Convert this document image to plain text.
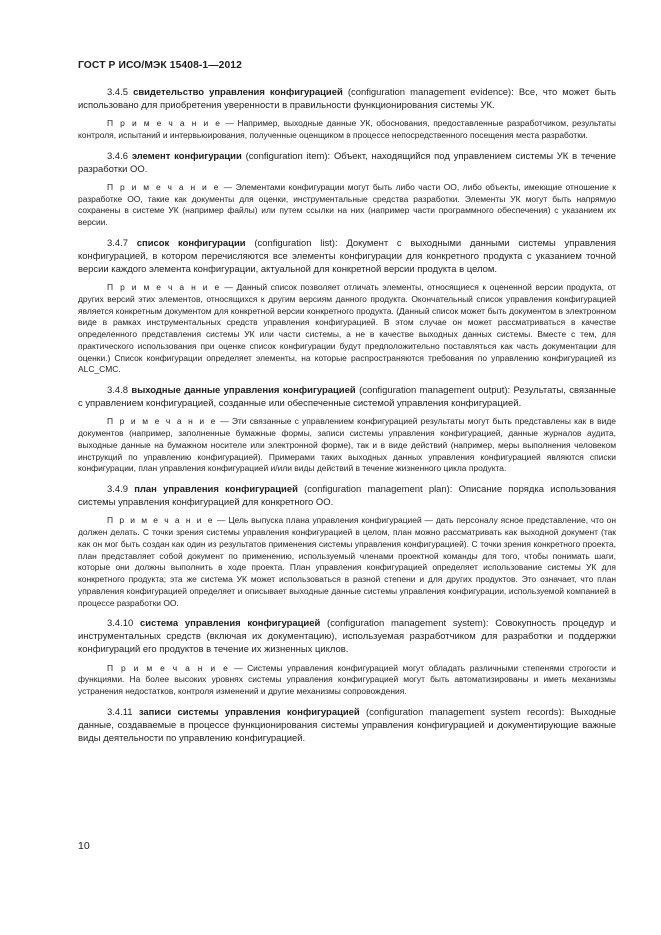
ГОСТ Р ИСО/МЭК 15408-1—2012

3.4.5 свидетельство управления конфигурацией (configuration management evidence): Все, что может быть использовано для приобретения уверенности в правильности функционирования системы УК.

П р и м е ч а н и е — Например, выходные данные УК, обоснования, предоставленные разработчиком, результаты контроля, испытаний и интервьюирования, полученные оценщиком в процессе непосредственного посещения места разработки.

3.4.6 элемент конфигурации (configuration item): Объект, находящийся под управлением системы УК в течение разработки ОО.

П р и м е ч а н и е — Элементами конфигурации могут быть либо части ОО, либо объекты, имеющие отношение к разработке ОО, такие как документы для оценки, инструментальные средства разработки. Элементы УК могут быть напрямую сохранены в системе УК (например файлы) или путем ссылки на них (например части программного обеспечения) с указанием их версии.

3.4.7 список конфигурации (configuration list): Документ с выходными данными системы управления конфигурацией, в котором перечисляются все элементы конфигурации для конкретного продукта с указанием точной версии каждого элемента конфигурации, актуальной для конкретной версии продукта в целом.

П р и м е ч а н и е — Данный список позволяет отличать элементы, относящиеся к оцененной версии продукта, от других версий этих элементов, относящихся к другим версиям данного продукта. Окончательный список управления конфигурацией является конкретным документом для конкретной версии конкретного продукта. (Данный список может быть документом в электронном виде в рамках инструментальных средств управления конфигурацией. В этом случае он может рассматриваться в качестве определенного представления системы УК или части системы, а не в качестве выходных данных системы. Вместе с тем, для практического использования при оценке список конфигурации будут предположительно поставляться как часть документации для оценки.) Список конфигурации определяет элементы, на которые распространяются требования по управлению конфигурацией из ALC_CMC.

3.4.8 выходные данные управления конфигурацией (configuration management output): Результаты, связанные с управлением конфигурацией, созданные или обеспеченные системой управления конфигурацией.

П р и м е ч а н и е — Эти связанные с управлением конфигурацией результаты могут быть представлены как в виде документов (например, заполненные бумажные формы, записи системы управления конфигурацией, данные журналов аудита, выходные данные на бумажном носителе или электронной форме), так и в виде действий (например, меры выполнения человеком инструкций по управлению конфигурацией). Примерами таких выходных данных управления конфигурацией являются списки конфигурации, план управления конфигурацией и/или виды действий в течение жизненного цикла продукта.

3.4.9 план управления конфигурацией (configuration management plan): Описание порядка использования системы управления конфигурацией для конкретного ОО.

П р и м е ч а н и е — Цель выпуска плана управления конфигурацией — дать персоналу ясное представление, что он должен делать. С точки зрения системы управления конфигурацией в целом, план можно рассматривать как выходной документ (так как он мог быть создан как один из результатов применения системы управления конфигурацией). С точки зрения конкретного проекта, план представляет собой документ по применению, используемый членами проектной команды для того, чтобы понимать шаги, которые они должны выполнить в ходе проекта. План управления конфигурацией определяет использование системы УК для конкретного продукта; эта же система УК может использоваться в разной степени и для других продуктов. Это означает, что план управления конфигурацией определяет и описывает выходные данные системы управления конфигурации, используемой компанией в процессе разработки ОО.

3.4.10 система управления конфигурацией (configuration management system): Совокупность процедур и инструментальных средств (включая их документацию), используемая разработчиком для разработки и поддержки конфигураций его продуктов в течение их жизненных циклов.

П р и м е ч а н и е — Системы управления конфигурацией могут обладать различными степенями строгости и функциями. На более высоких уровнях системы управления конфигурацией могут быть автоматизированы и иметь механизмы устранения недостатков, контроля изменений и другие механизмы сопровождения.

3.4.11 записи системы управления конфигурацией (configuration management system records): Выходные данные, создаваемые в процессе функционирования системы управления конфигурацией и документирующие важные виды деятельности по управлению конфигурацией.

10
